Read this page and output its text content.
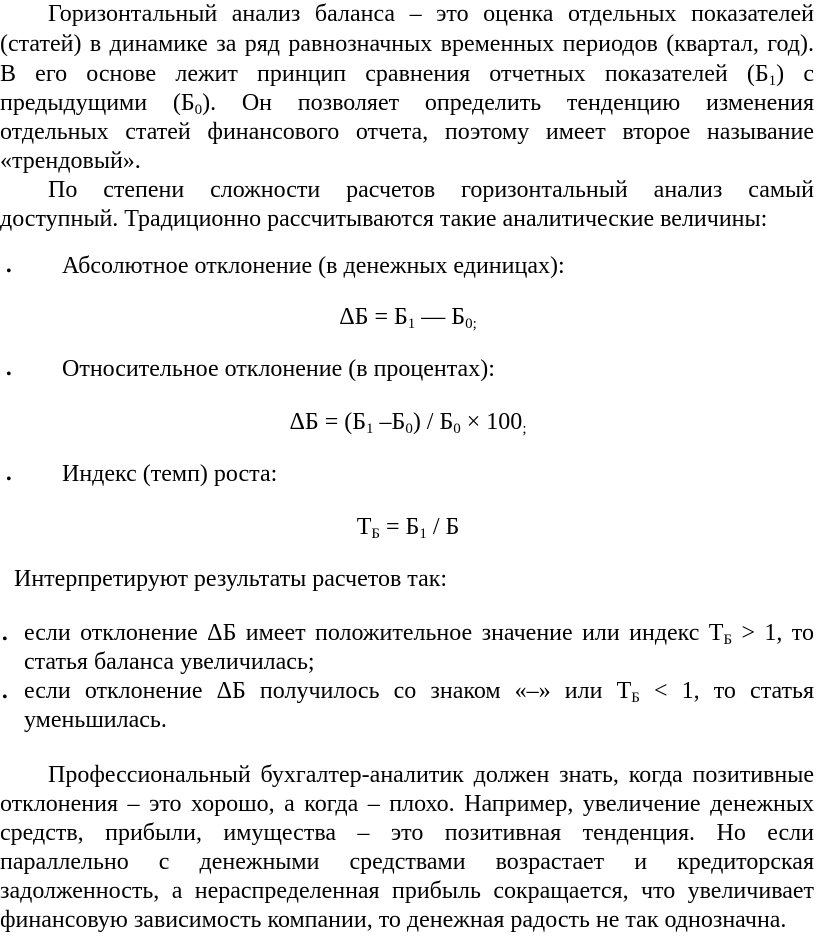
Горизонтальный анализ баланса – это оценка отдельных показателей
(статей) в динамике за ряд равнозначных временных периодов (квартал, год).
В его основе лежит принцип сравнения отчетных показателей $(Б_1)$ с
предыдущими $(Б_0)$. Он позволяет определить тенденцию изменения
отдельных статей финансового отчета, поэтому имеет второе называние
«трендовый».
По степени сложности расчетов горизонтальный анализ самый
доступный. Традиционно рассчитываются такие аналитические величины:
• Абсолютное отклонение (в денежных единицах):
$\Delta Б = Б_1 -- Б_{0;}$
• Относительное отклонение (в процентах):
$\Delta Б = (Б_1$ $-Б_0) / Б_0 \times 100_;$
• Индекс (темп) роста:
$Т_Б = Б_1 / Б$
Интерпретируют результаты расчетов так:
• если отклонение ΔБ имеет положительное значение или индекс $Т_Б > 1$, то
статья баланса увеличилась;
• если отклонение ΔБ получилось со знаком «–» или $Т_Б < 1$, то статья
уменьшилась.
Профессиональный бухгалтер-аналитик должен знать, когда позитивные
отклонения – это хорошо, а когда – плохо. Например, увеличение денежных
средств, прибыли, имущества – это позитивная тенденция. Но если
параллельно с денежными средствами возрастает и кредиторская
задолженность, а нераспределенная прибыль сокращается, что увеличивает
финансовую зависимость компании, то денежная радость не так однозначна.
